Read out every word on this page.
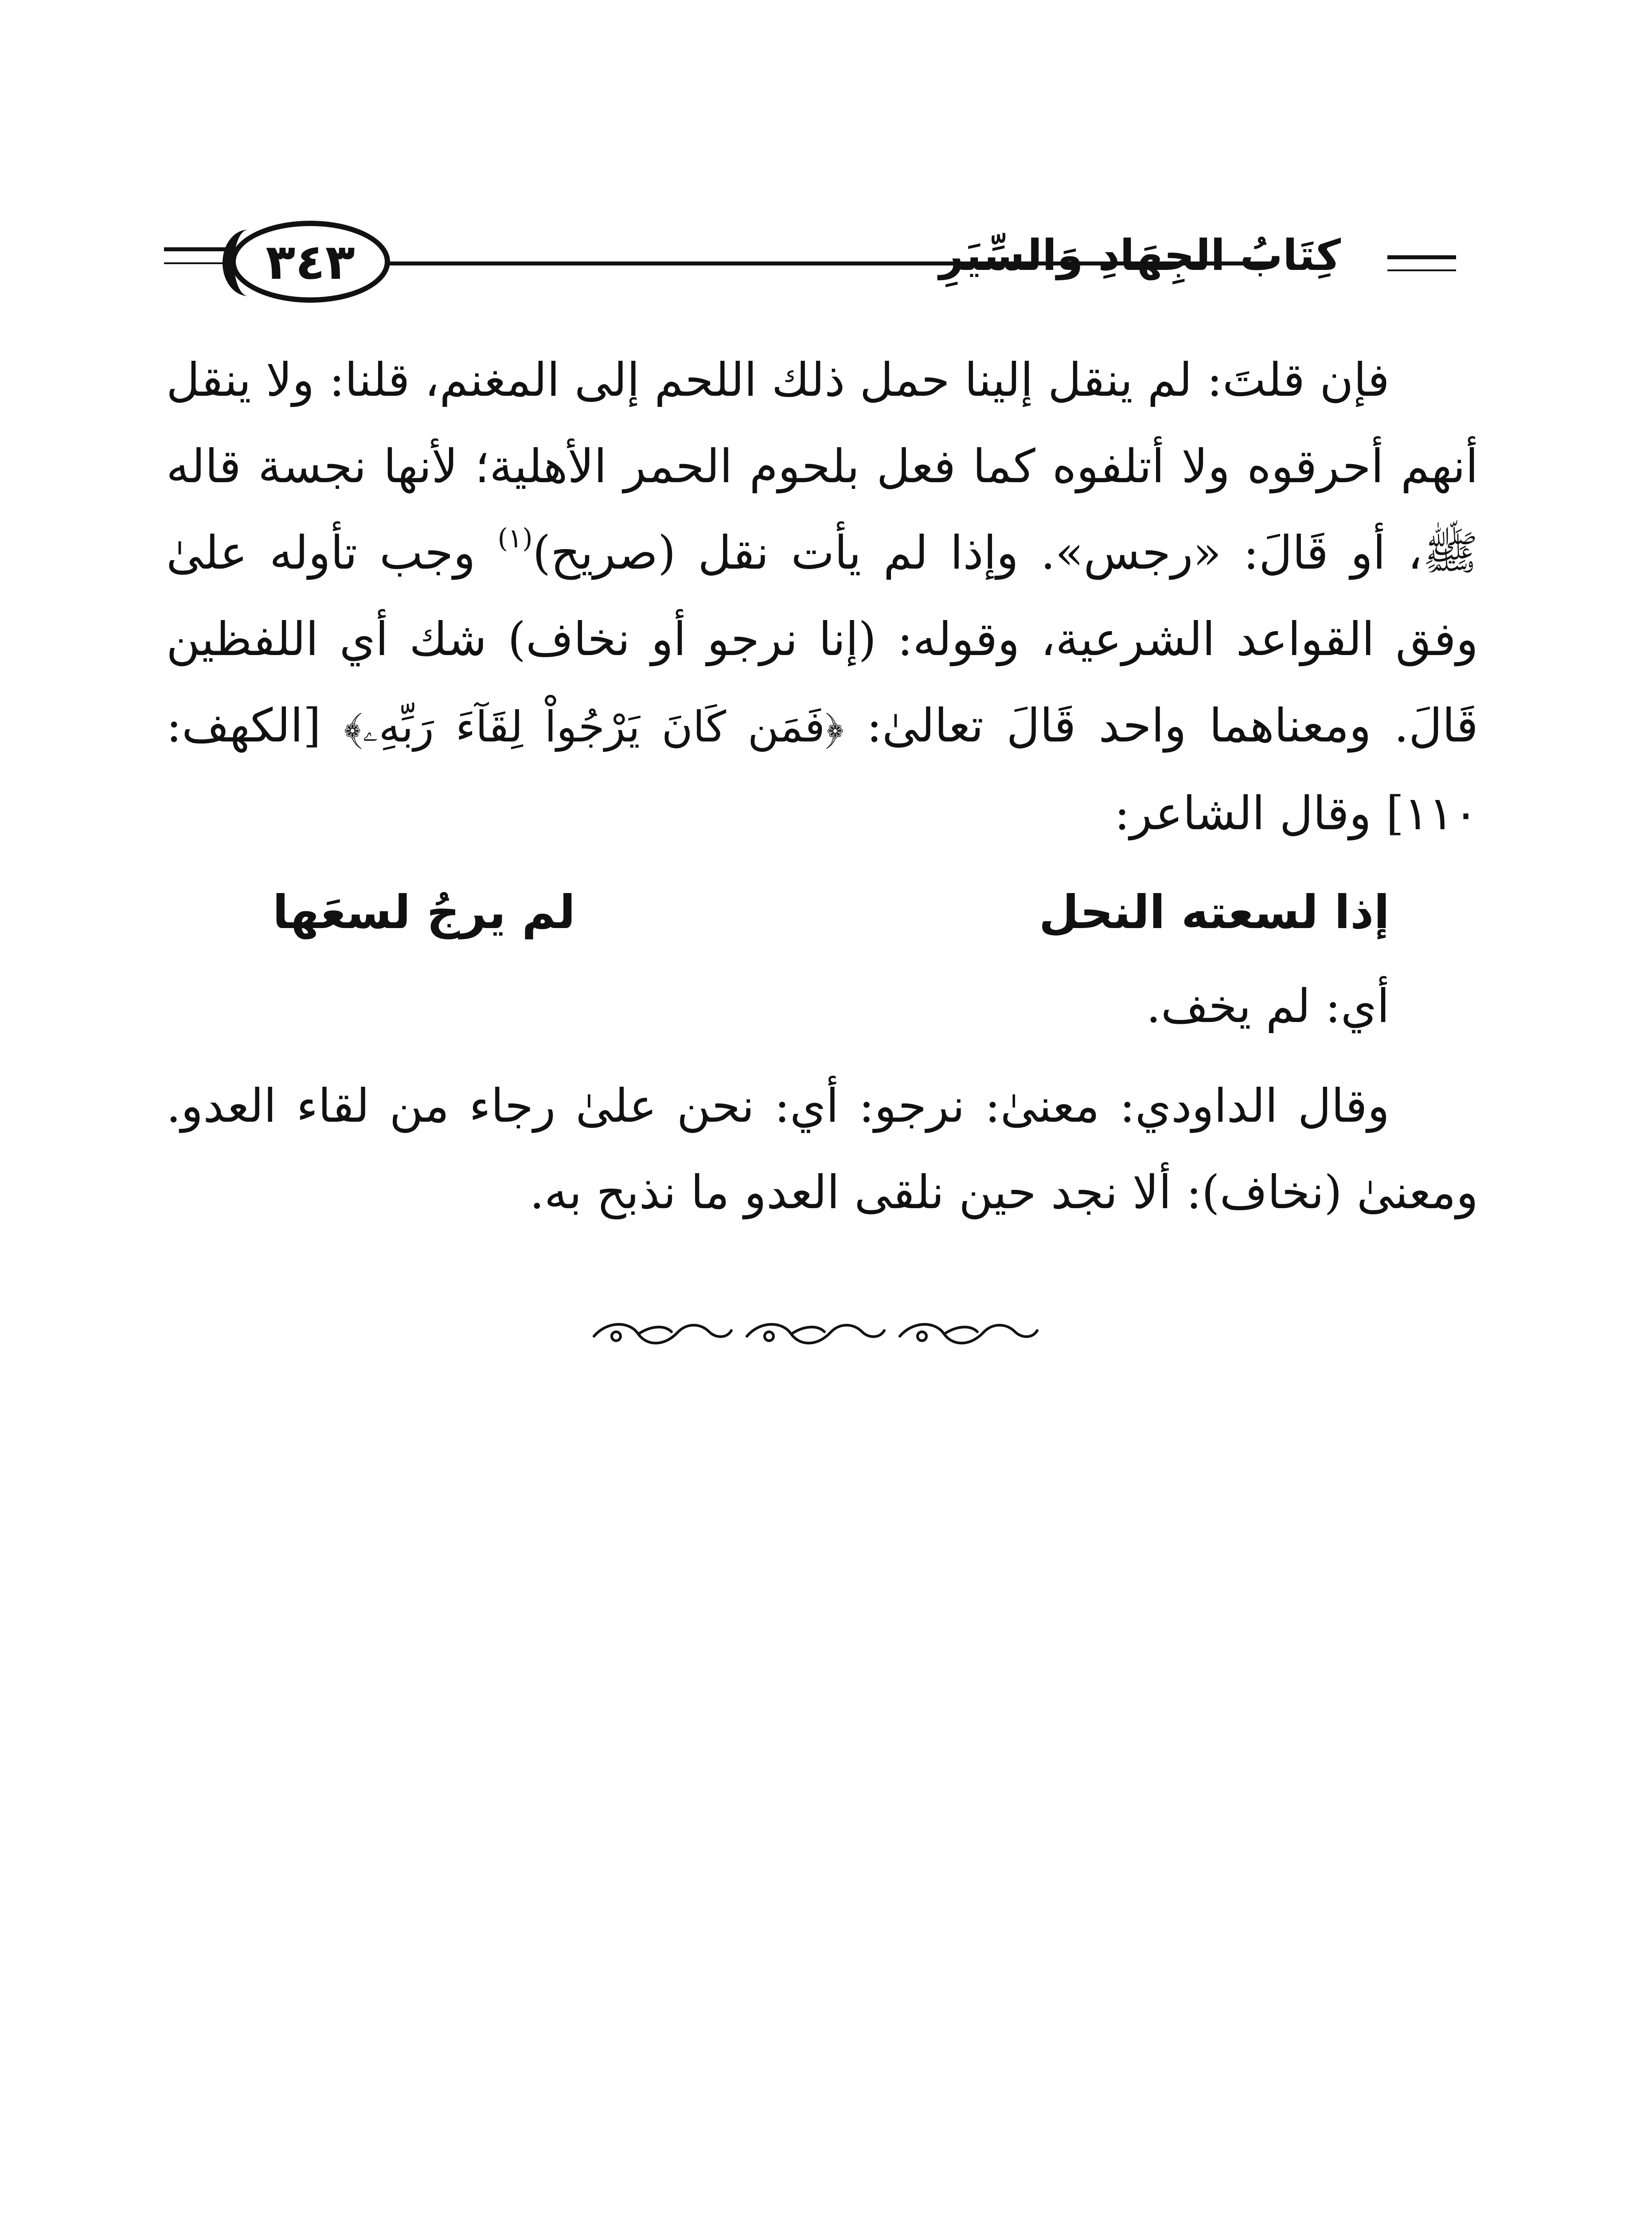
٣٤٣	كِتَابُ الجِهَادِ وَالسِّيَرِ

فإن قلتَ: لم ينقل إلينا حمل ذلك اللحم إلى المغنم، قلنا: ولا ينقل أنهم أحرقوه ولا أتلفوه كما فعل بلحوم الحمر الأهلية؛ لأنها نجسة قاله ﷺ، أو قَالَ: «رجس». وإذا لم يأت نقل (صريح)$^{(١)}$ وجب تأوله علىٰ وفق القواعد الشرعية، وقوله: (إنا نرجو أو نخاف) شك أي اللفظين قَالَ. ومعناهما واحد قَالَ تعالىٰ: ﴿فَمَن كَانَ يَرْجُواْ لِقَآءَ رَبِّهِۦ﴾ [الكهف: ١١٠] وقال الشاعر:

إذا لسعته النحل
لم يرجُ لسعَها

أي: لم يخف.

وقال الداودي: معنىٰ: نرجو: أي: نحن علىٰ رجاء من لقاء العدو. ومعنىٰ (نخاف): ألا نجد حين نلقى العدو ما نذبح به.
